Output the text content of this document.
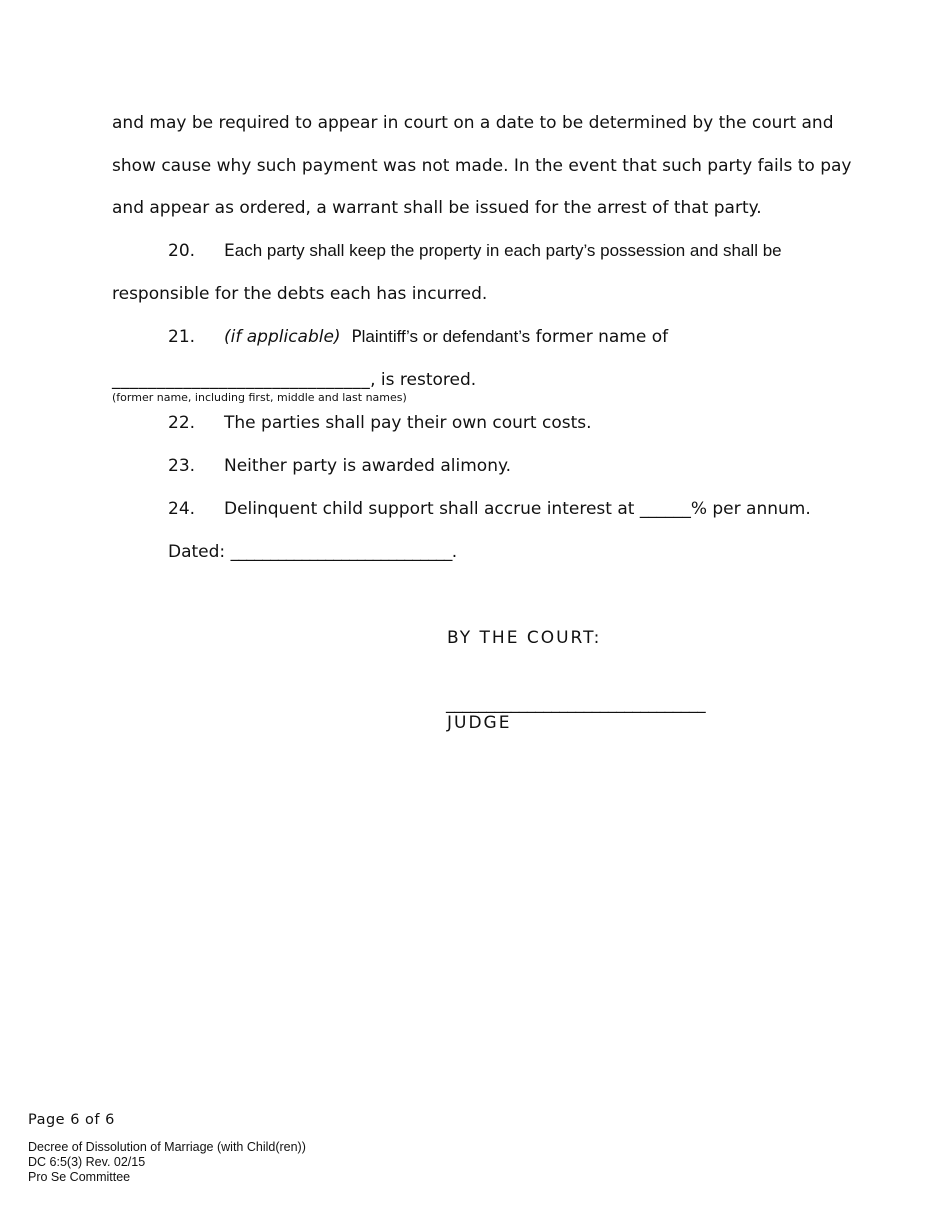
and may be required to appear in court on a date to be determined by the court and
show cause why such payment was not made. In the event that such party fails to pay
and appear as ordered, a warrant shall be issued for the arrest of that party.
20. Each party shall keep the property in each party’s possession and shall be
responsible for the debts each has incurred.
21. (if applicable) Plaintiff’s or defendant’s former name of
_____________________________, is restored.
(former name, including first, middle and last names)
22. The parties shall pay their own court costs.
23. Neither party is awarded alimony.
24. Delinquent child support shall accrue interest at ______% per annum.
Dated: ____________________________.
BY THE COURT:
________________________________
JUDGE
Page 6 of 6
Decree of Dissolution of Marriage (with Child(ren))
DC 6:5(3) Rev. 02/15
Pro Se Committee
